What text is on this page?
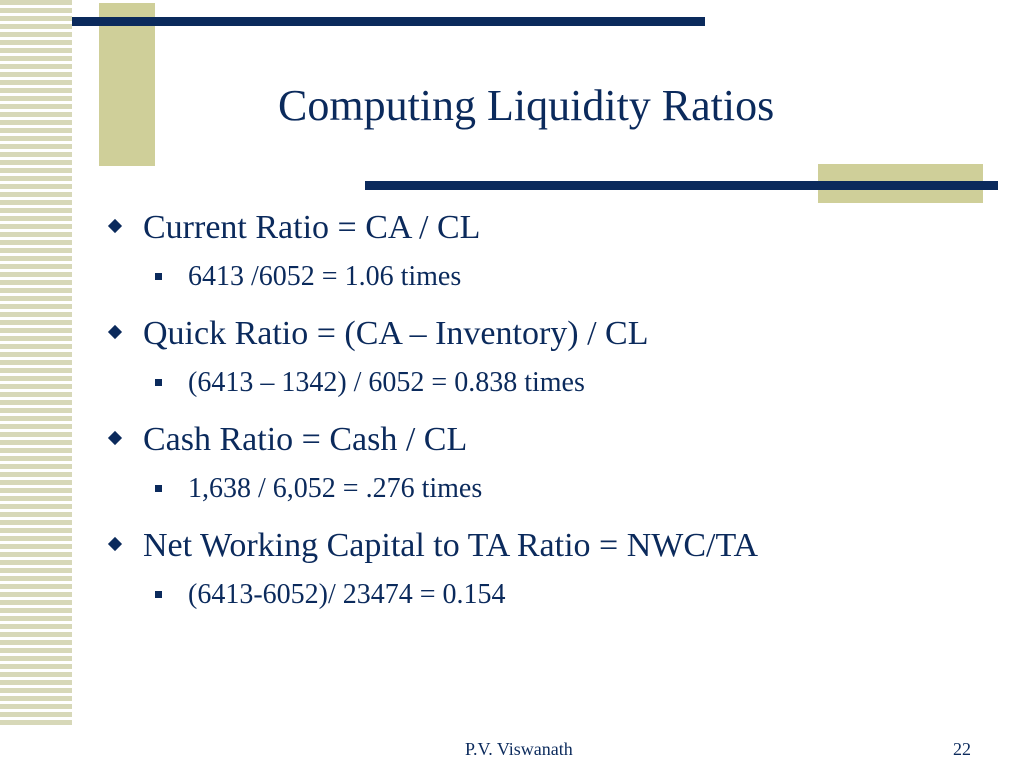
Computing Liquidity Ratios
Current Ratio = CA / CL
6413 /6052 = 1.06 times
Quick Ratio = (CA – Inventory) / CL
(6413 – 1342) / 6052 = 0.838 times
Cash Ratio = Cash / CL
1,638 / 6,052 = .276 times
Net Working Capital to TA Ratio = NWC/TA
(6413-6052)/ 23474 = 0.154
P.V. Viswanath	22
